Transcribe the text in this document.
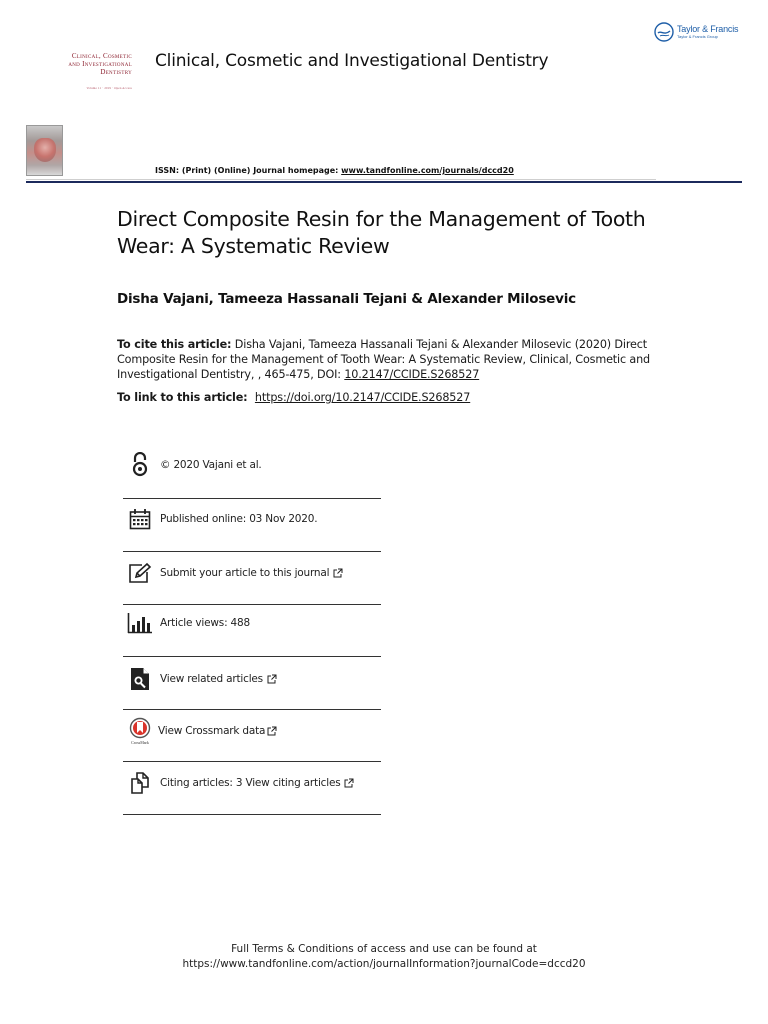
Taylor & Francis
Taylor & Francis Group
Clinical, Cosmetic
and Investigational
Dentistry
Volume 11 · 2019 · Open Access
Clinical, Cosmetic and Investigational Dentistry
ISSN: (Print) (Online) Journal homepage: www.tandfonline.com/journals/dccd20
Direct Composite Resin for the Management of Tooth Wear: A Systematic Review
Disha Vajani, Tameeza Hassanali Tejani & Alexander Milosevic
To cite this article: Disha Vajani, Tameeza Hassanali Tejani & Alexander Milosevic (2020) Direct Composite Resin for the Management of Tooth Wear: A Systematic Review, Clinical, Cosmetic and Investigational Dentistry, , 465-475, DOI: 10.2147/CCIDE.S268527
To link to this article: https://doi.org/10.2147/CCIDE.S268527
© 2020 Vajani et al.
Published online: 03 Nov 2020.
Submit your article to this journal
Article views: 488
View related articles
CrossMark
View Crossmark data
Citing articles: 3 View citing articles
Full Terms & Conditions of access and use can be found at
https://www.tandfonline.com/action/journalInformation?journalCode=dccd20
